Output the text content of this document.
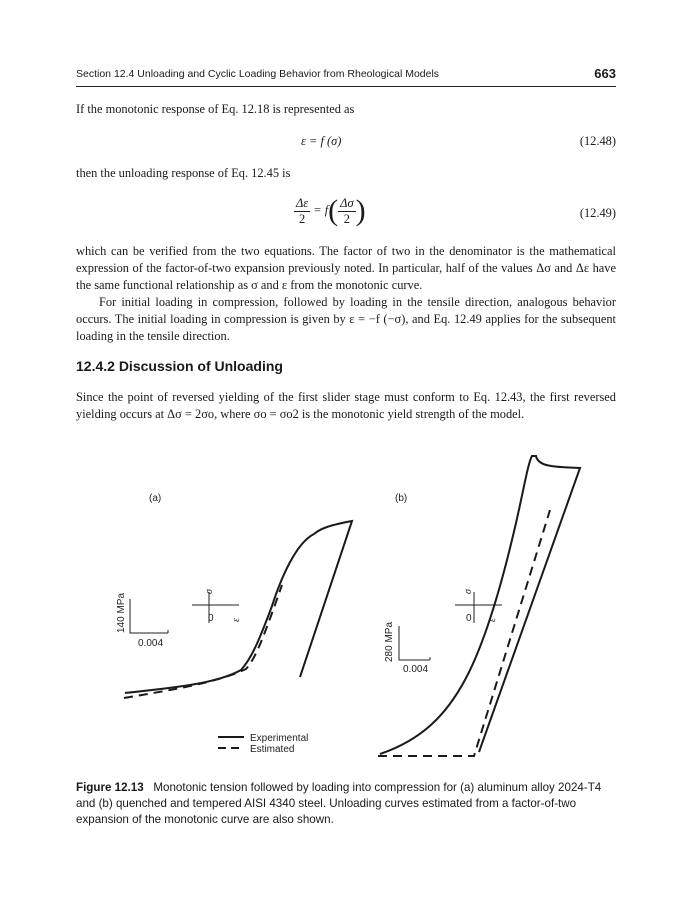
Section 12.4 Unloading and Cyclic Loading Behavior from Rheological Models	663
If the monotonic response of Eq. 12.18 is represented as
ε = f (σ)	(12.48)
then the unloading response of Eq. 12.45 is
$\frac{\Delta\varepsilon}{2} = f( \frac{\Delta\sigma}{2}$ )	(12.49)
which can be verified from the two equations. The factor of two in the denominator is the mathematical expression of the factor-of-two expansion previously noted. In particular, half of the values Δσ and Δε have the same functional relationship as σ and ε from the monotonic curve.
For initial loading in compression, followed by loading in the tensile direction, analogous behavior occurs. The initial loading in compression is given by ε = −f (−σ), and Eq. 12.49 applies for the subsequent loading in the tensile direction.
12.4.2 Discussion of Unloading
Since the point of reversed yielding of the first slider stage must conform to Eq. 12.43, the first reversed yielding occurs at Δσ = 2σo, where σo = σo2 is the monotonic yield strength of the model.
(a)
140 MPa
0.004
σ
0 ε
(b)
280 MPa
0.004
σ
0 ε
Experimental
Estimated
Figure 12.13 Monotonic tension followed by loading into compression for (a) aluminum alloy 2024-T4 and (b) quenched and tempered AISI 4340 steel. Unloading curves estimated from a factor-of-two expansion of the monotonic curve are also shown.
